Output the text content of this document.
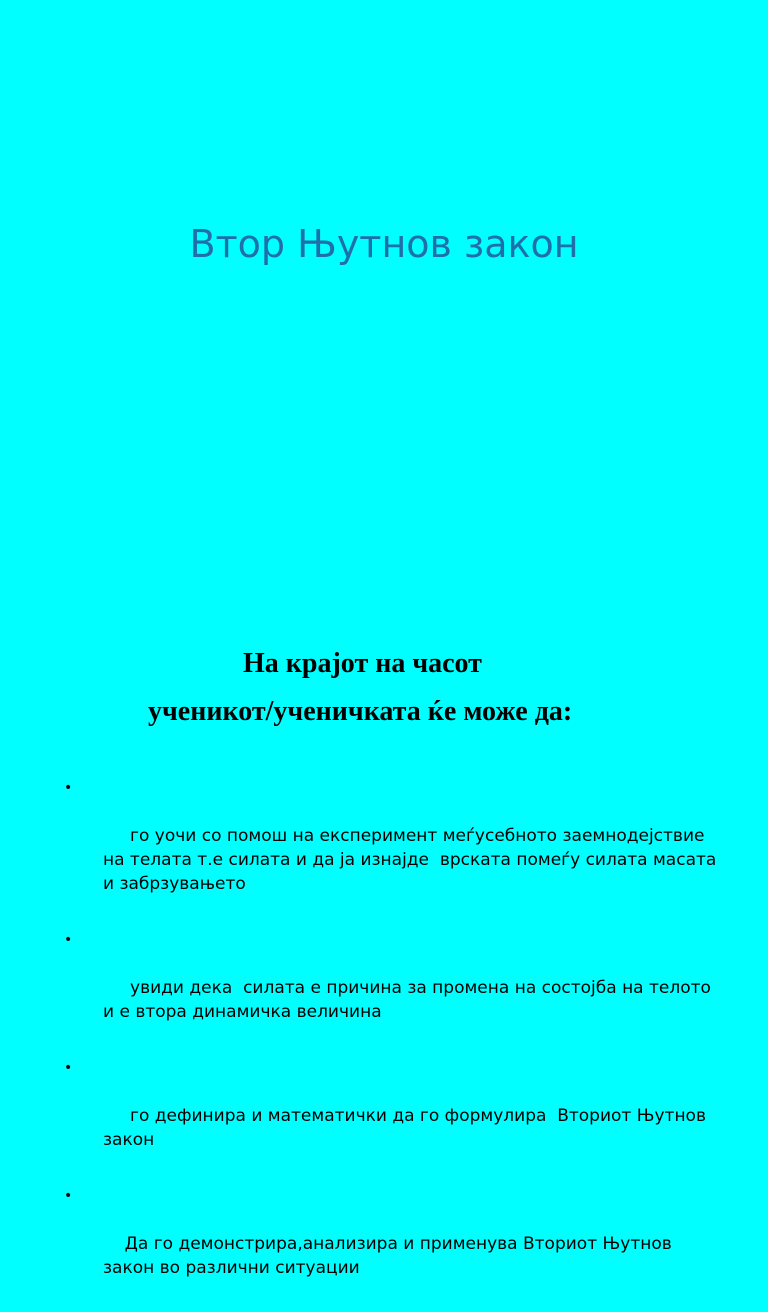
Втор Њутнов закон
На крајот на часот
ученикот/ученичката ќе може да:

•

го уочи со помош на експеримент меѓусебното заемнодејствие на телата т.е силата и да ја изнајде  врската помеѓу силата масата и забрзувањето

•

увиди дека  силата е причина за промена на состојба на телото и е втора динамичка величина

•

го дефинира и математички да го формулира  Вториот Њутнов закон

•

Да го демонстрира,анализира и применува Вториот Њутнов закон во различни ситуации
